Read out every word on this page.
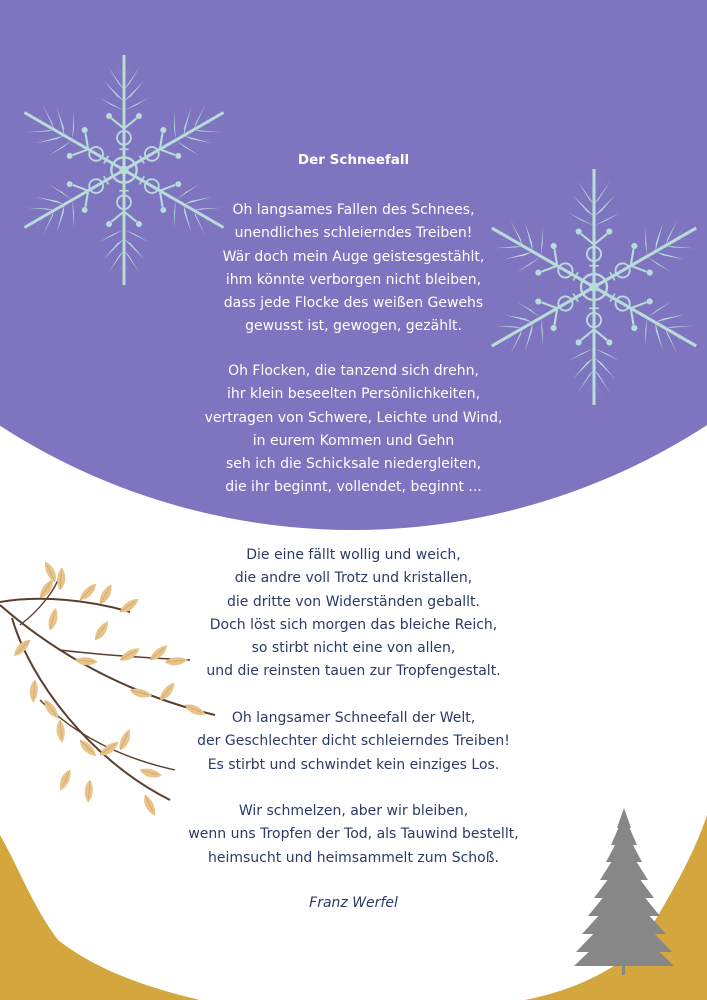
Der Schneefall
Oh langsames Fallen des Schnees,
unendliches schleierndes Treiben!
Wär doch mein Auge geistesgestählt,
ihm könnte verborgen nicht bleiben,
dass jede Flocke des weißen Gewehs
gewusst ist, gewogen, gezählt.
Oh Flocken, die tanzend sich drehn,
ihr klein beseelten Persönlichkeiten,
vertragen von Schwere, Leichte und Wind,
in eurem Kommen und Gehn
seh ich die Schicksale niedergleiten,
die ihr beginnt, vollendet, beginnt ...
Die eine fällt wollig und weich,
die andre voll Trotz und kristallen,
die dritte von Widerständen geballt.
Doch löst sich morgen das bleiche Reich,
so stirbt nicht eine von allen,
und die reinsten tauen zur Tropfengestalt.
Oh langsamer Schneefall der Welt,
der Geschlechter dicht schleierndes Treiben!
Es stirbt und schwindet kein einziges Los.
Wir schmelzen, aber wir bleiben,
wenn uns Tropfen der Tod, als Tauwind bestellt,
heimsucht und heimsammelt zum Schoß.
Franz Werfel
